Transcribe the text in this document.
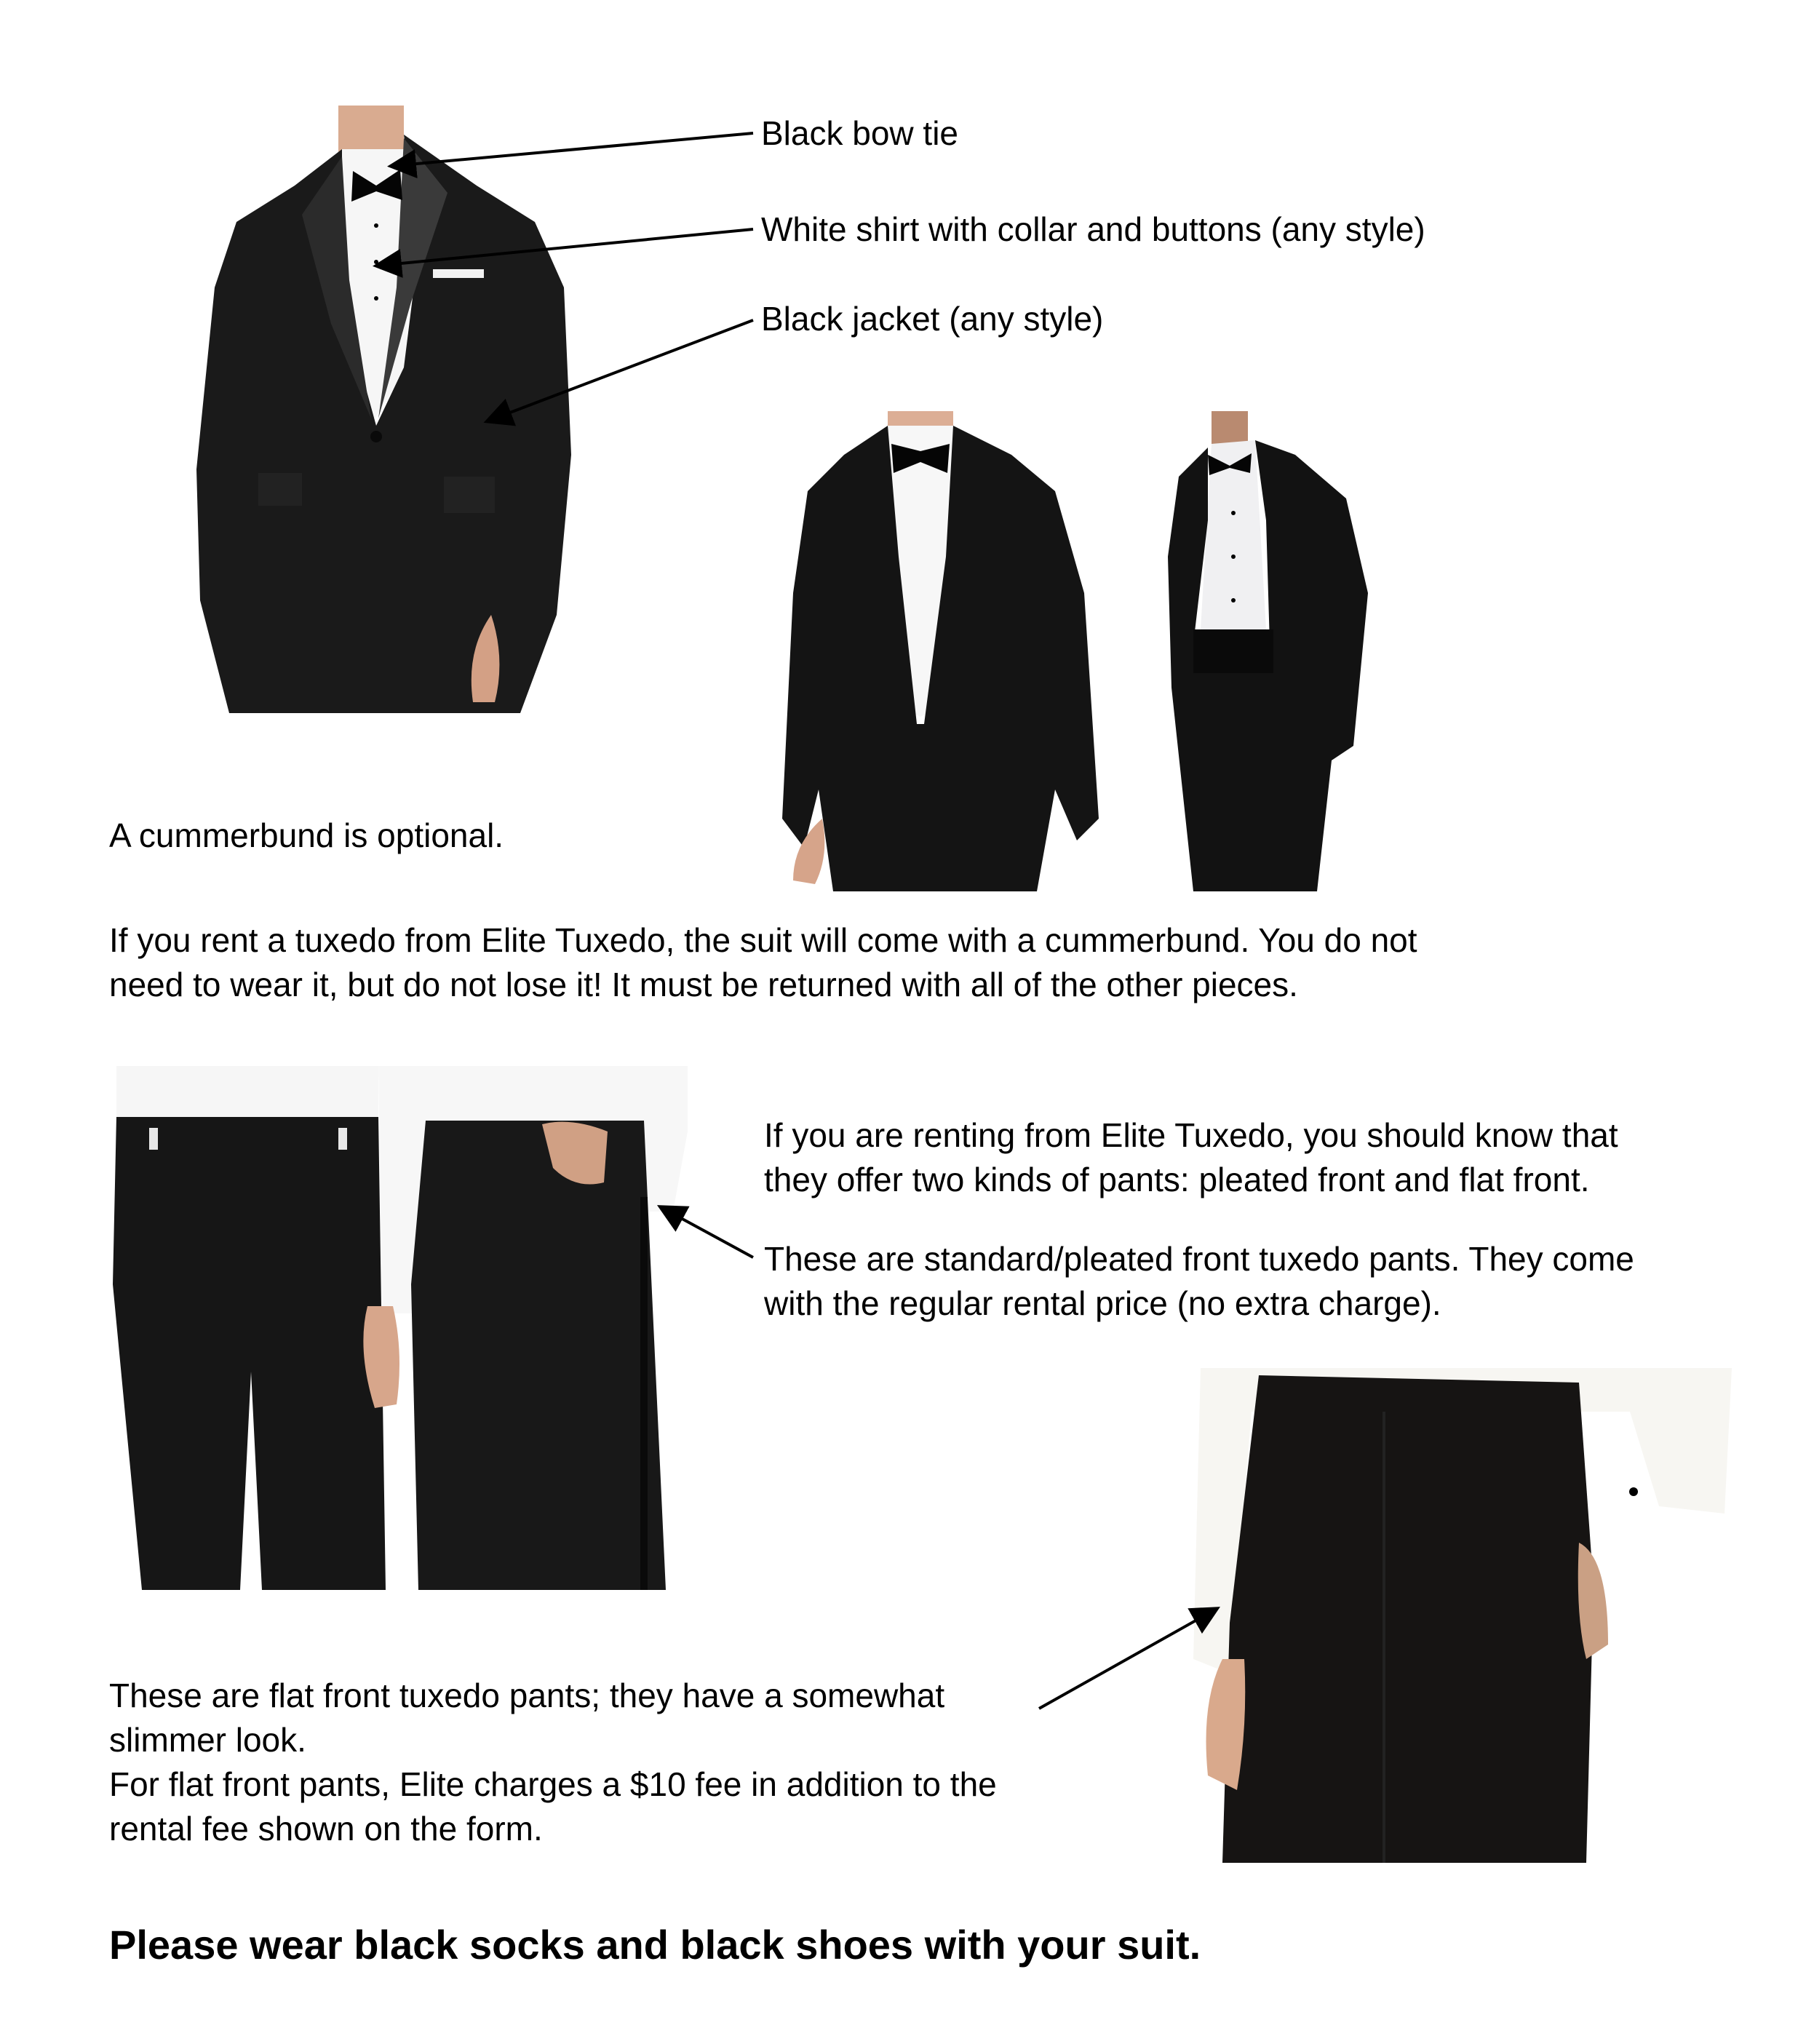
Black bow tie
White shirt with collar and buttons (any style)
Black jacket (any style)
A cummerbund is optional.
If you rent a tuxedo from Elite Tuxedo, the suit will come with a cummerbund. You do not
need to wear it, but do not lose it! It must be returned with all of the other pieces.
If you are renting from Elite Tuxedo, you should know that
they offer two kinds of pants: pleated front and flat front.
These are standard/pleated front tuxedo pants. They come
with the regular rental price (no extra charge).
These are flat front tuxedo pants; they have a somewhat
slimmer look.
For flat front pants, Elite charges a $10 fee in addition to the
rental fee shown on the form.
Please wear black socks and black shoes with your suit.
